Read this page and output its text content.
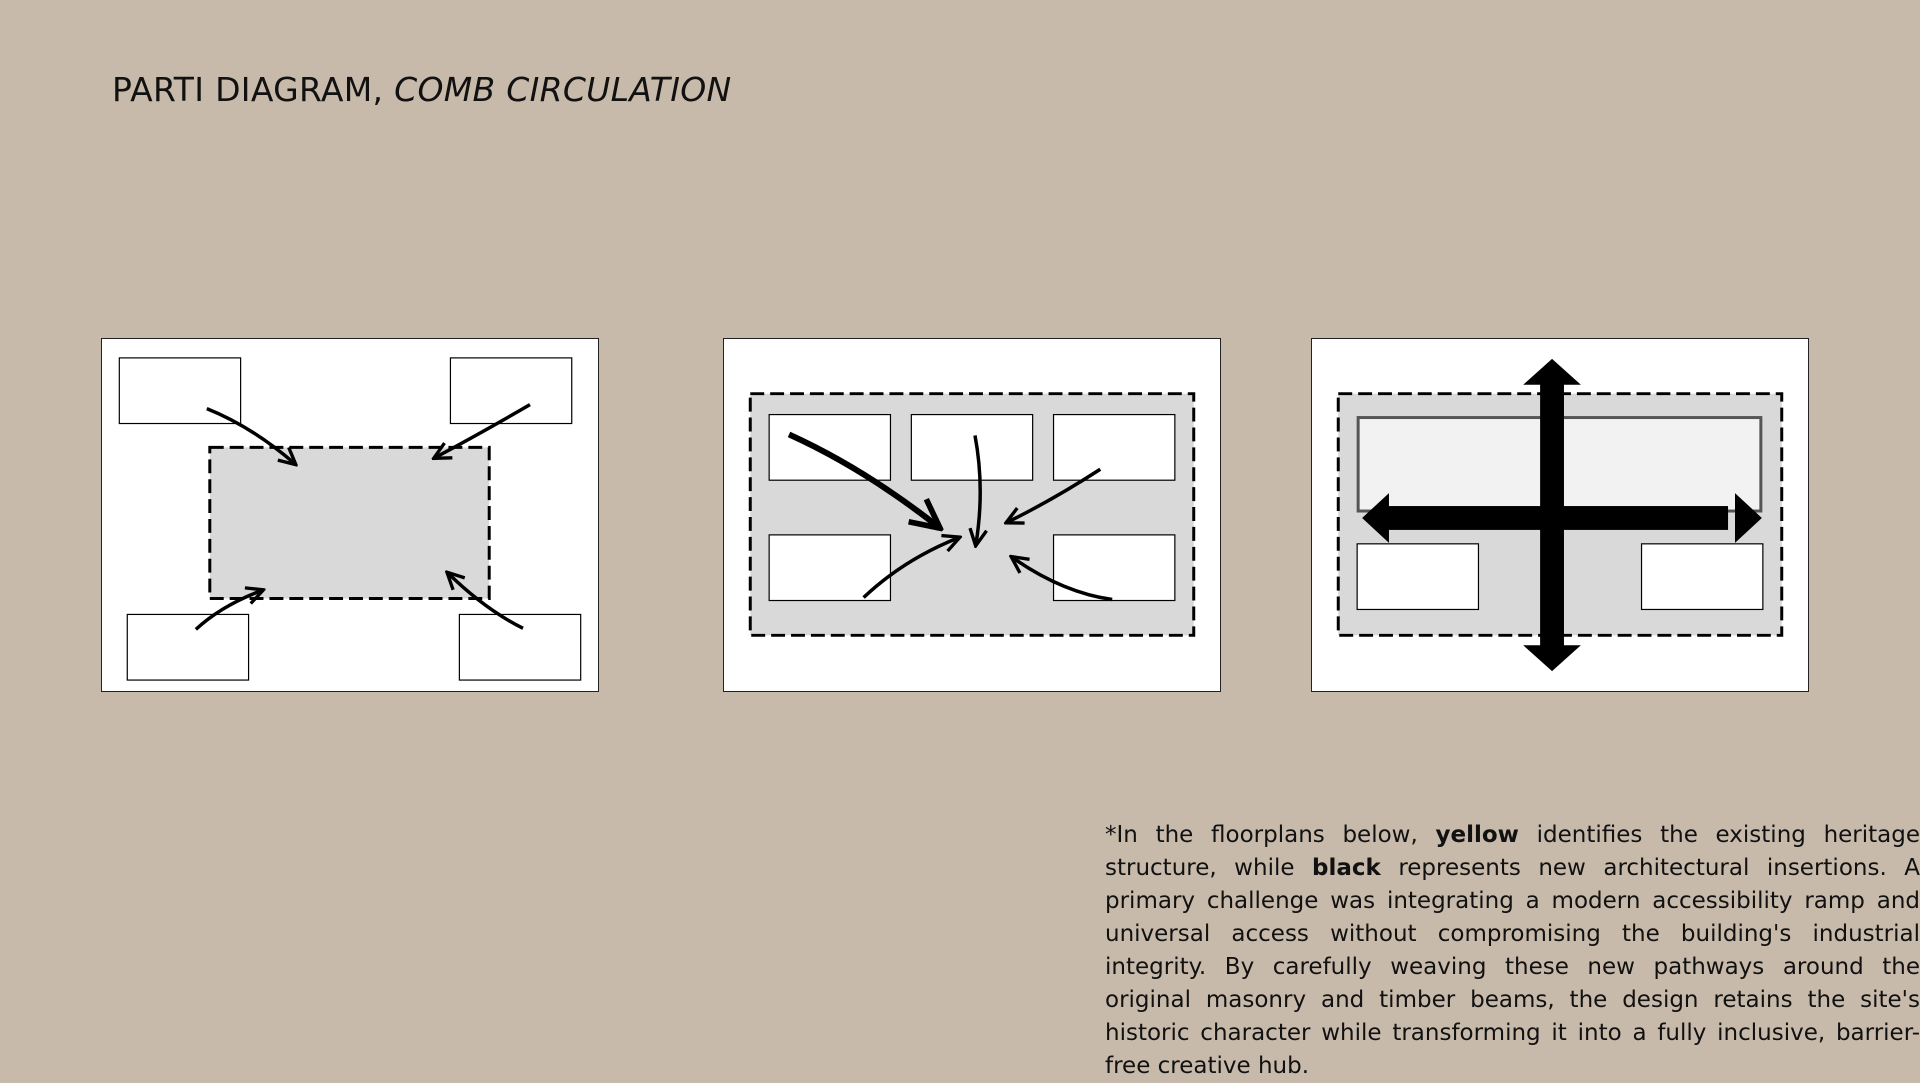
PARTI DIAGRAM, COMB CIRCULATION
*In the floorplans below, yellow identifies the existing heritage structure, while black represents new architectural insertions. A primary challenge was integrating a modern accessibility ramp and universal access without compromising the building's industrial integrity. By carefully weaving these new pathways around the original masonry and timber beams, the design retains the site's historic character while transforming it into a fully inclusive, barrier-free creative hub.
